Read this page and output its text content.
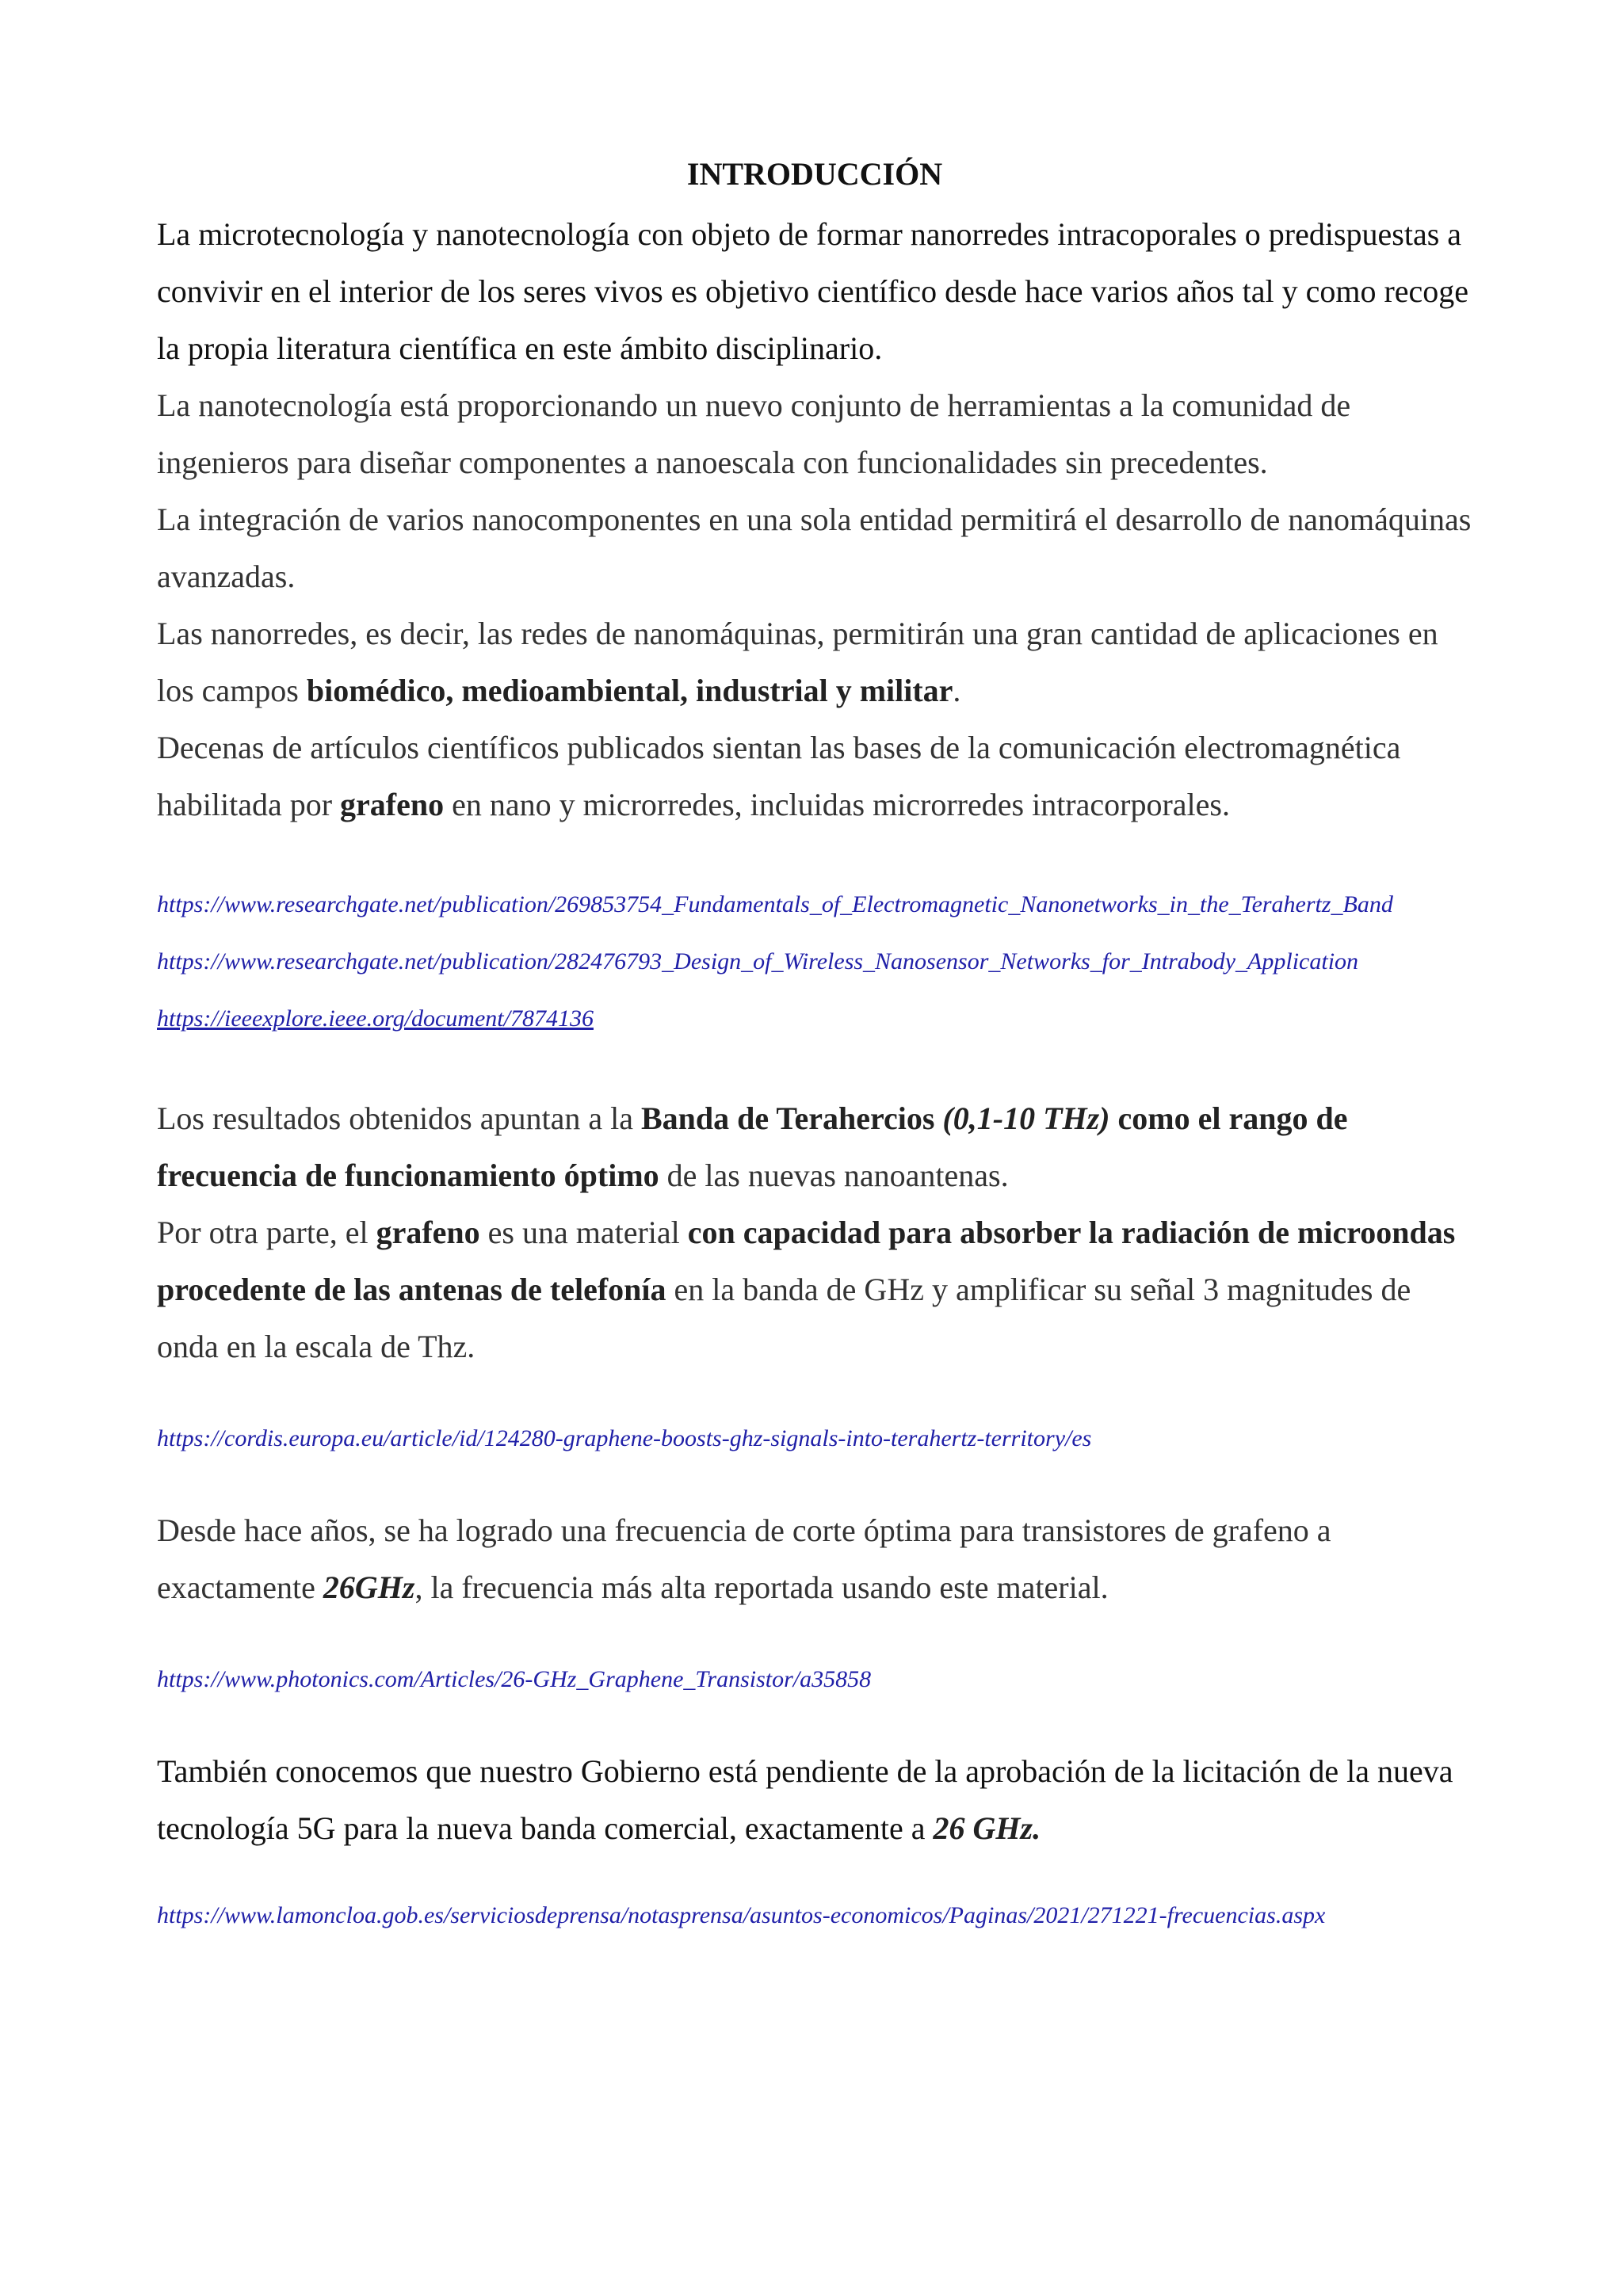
INTRODUCCIÓN

La microtecnología y nanotecnología con objeto de formar nanorredes intracoporales o predispuestas a convivir en el interior de los seres vivos es objetivo científico desde hace varios años tal y como recoge la propia literatura científica en este ámbito disciplinario.

La nanotecnología está proporcionando un nuevo conjunto de herramientas a la comunidad de ingenieros para diseñar componentes a nanoescala con funcionalidades sin precedentes.

La integración de varios nanocomponentes en una sola entidad permitirá el desarrollo de nanomáquinas avanzadas.

Las nanorredes, es decir, las redes de nanomáquinas, permitirán una gran cantidad de aplicaciones en los campos biomédico, medioambiental, industrial y militar.

Decenas de artículos científicos publicados sientan las bases de la comunicación electromagnética habilitada por grafeno en nano y microrredes, incluidas microrredes intracorporales.

https://www.researchgate.net/publication/269853754_Fundamentals_of_Electromagnetic_Nanonetworks_in_the_Terahertz_Band
https://www.researchgate.net/publication/282476793_Design_of_Wireless_Nanosensor_Networks_for_Intrabody_Application
https://ieeexplore.ieee.org/document/7874136

Los resultados obtenidos apuntan a la Banda de Terahercios (0,1-10 THz) como el rango de frecuencia de funcionamiento óptimo de las nuevas nanoantenas.

Por otra parte, el grafeno es una material con capacidad para absorber la radiación de microondas procedente de las antenas de telefonía en la banda de GHz y amplificar su señal 3 magnitudes de onda en la escala de Thz.

https://cordis.europa.eu/article/id/124280-graphene-boosts-ghz-signals-into-terahertz-territory/es

Desde hace años, se ha logrado una frecuencia de corte óptima para transistores de grafeno a exactamente 26GHz, la frecuencia más alta reportada usando este material.

https://www.photonics.com/Articles/26-GHz_Graphene_Transistor/a35858

También conocemos que nuestro Gobierno está pendiente de la aprobación de la licitación de la nueva tecnología 5G para la nueva banda comercial, exactamente a 26 GHz.

https://www.lamoncloa.gob.es/serviciosdeprensa/notasprensa/asuntos-economicos/Paginas/2021/271221-frecuencias.aspx
